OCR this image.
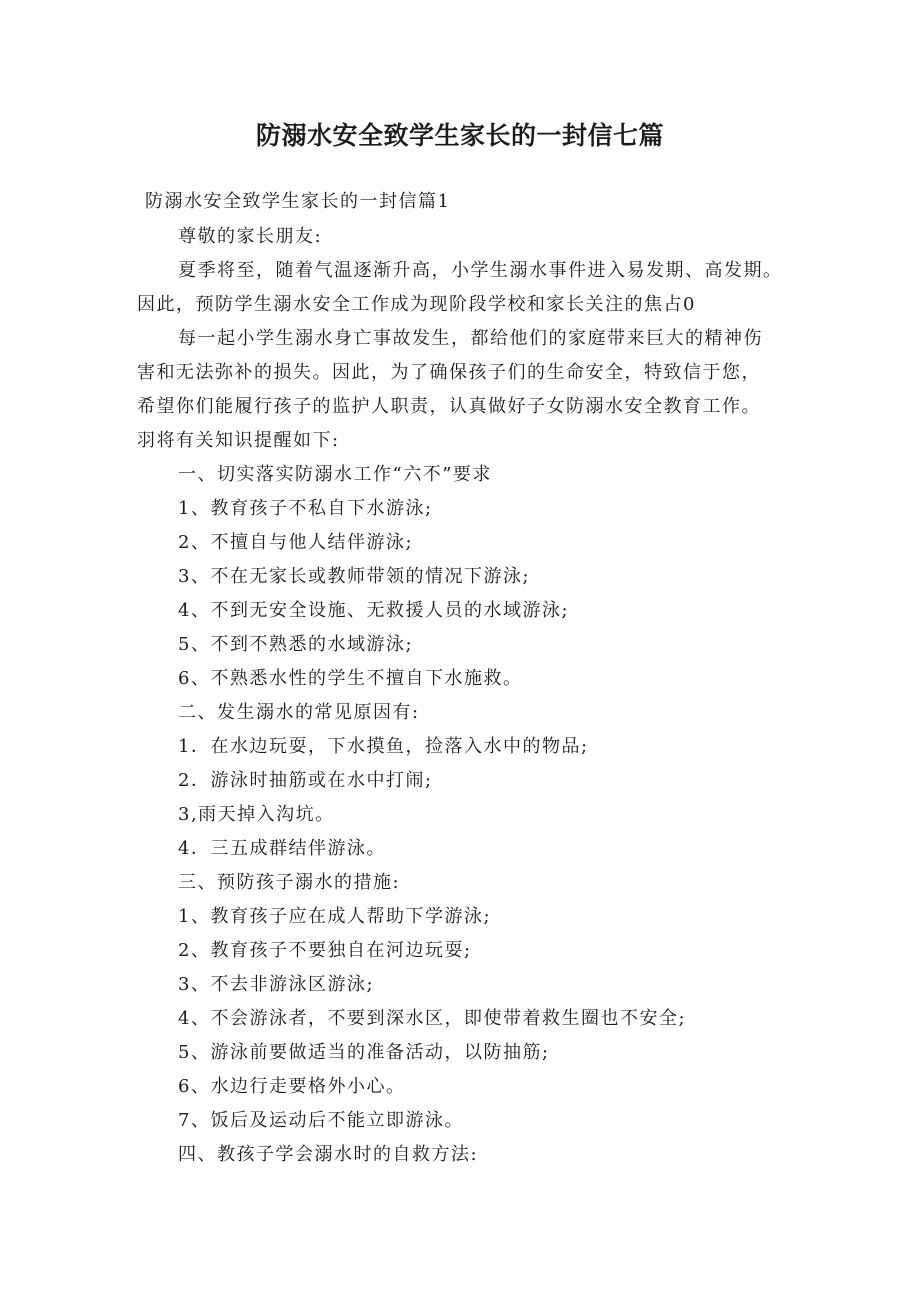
防溺水安全致学生家长的一封信七篇

防溺水安全致学生家长的一封信篇1

尊敬的家长朋友:

夏季将至，随着气温逐渐升高，小学生溺水事件进入易发期、高发期。

因此，预防学生溺水安全工作成为现阶段学校和家长关注的焦占0

每一起小学生溺水身亡事故发生，都给他们的家庭带来巨大的精神伤

害和无法弥补的损失。因此，为了确保孩子们的生命安全，特致信于您，

希望你们能履行孩子的监护人职责，认真做好子女防溺水安全教育工作。

羽将有关知识提醒如下:

一、切实落实防溺水工作“六不”要求

1、教育孩子不私自下水游泳;

2、不擅自与他人结伴游泳;

3、不在无家长或教师带领的情况下游泳;

4、不到无安全设施、无救援人员的水域游泳;

5、不到不熟悉的水域游泳;

6、不熟悉水性的学生不擅自下水施救。

二、发生溺水的常见原因有:

1．在水边玩耍，下水摸鱼，捡落入水中的物品;

2．游泳时抽筋或在水中打闹;

3,雨天掉入沟坑。

4．三五成群结伴游泳。

三、预防孩子溺水的措施:

1、教育孩子应在成人帮助下学游泳;

2、教育孩子不要独自在河边玩耍;

3、不去非游泳区游泳;

4、不会游泳者，不要到深水区，即使带着救生圈也不安全;

5、游泳前要做适当的准备活动，以防抽筋;

6、水边行走要格外小心。

7、饭后及运动后不能立即游泳。

四、教孩子学会溺水时的自救方法:
